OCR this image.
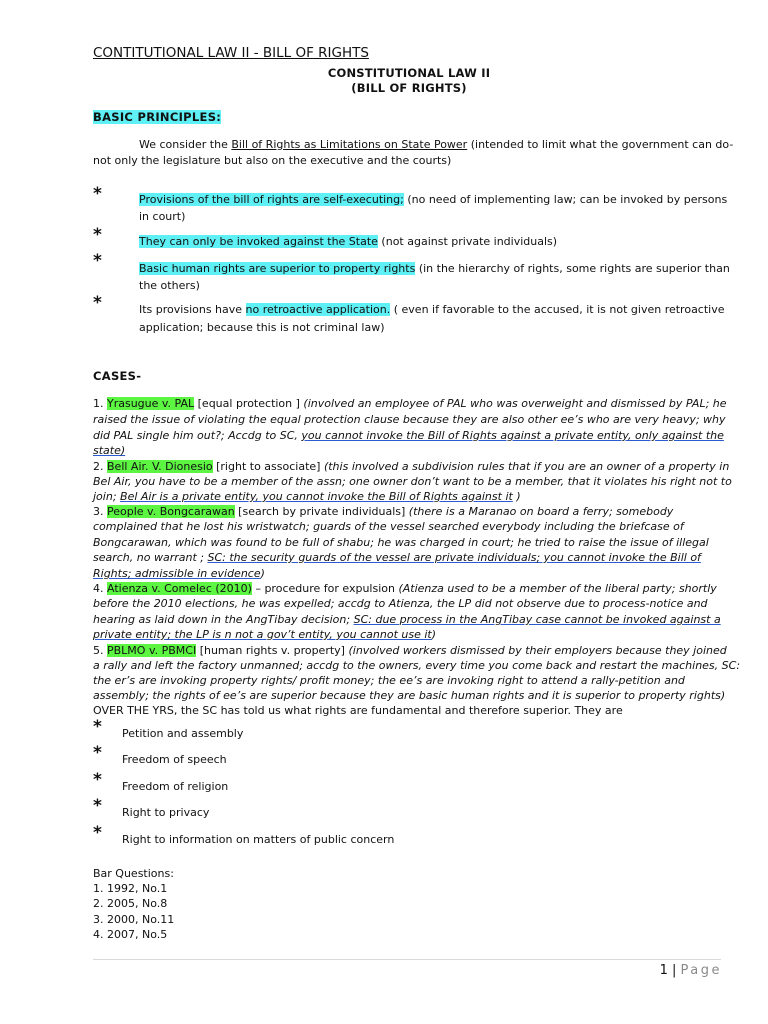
CONTITUTIONAL LAW II - BILL OF RIGHTS
CONSTITUTIONAL LAW II
(BILL OF RIGHTS)
BASIC PRINCIPLES:
We consider the Bill of Rights as Limitations on State Power (intended to limit what the government can do-
not only the legislature but also on the executive and the courts)
*	Provisions of the bill of rights are self-executing; (no need of implementing law; can be invoked by persons
in court)
*	They can only be invoked against the State (not against private individuals)
*	Basic human rights are superior to property rights (in the hierarchy of rights, some rights are superior than
the others)
*	Its provisions have no retroactive application. ( even if favorable to the accused, it is not given retroactive
application; because this is not criminal law)
CASES-
1. Yrasugue v. PAL [equal protection ] (involved an employee of PAL who was overweight and dismissed by PAL; he
raised the issue of violating the equal protection clause because they are also other ee’s who are very heavy; why
did PAL single him out?; Accdg to SC, you cannot invoke the Bill of Rights against a private entity, only against the
state)
2. Bell Air. V. Dionesio [right to associate] (this involved a subdivision rules that if you are an owner of a property in
Bel Air, you have to be a member of the assn; one owner don’t want to be a member, that it violates his right not to
join; Bel Air is a private entity, you cannot invoke the Bill of Rights against it )
3. People v. Bongcarawan [search by private individuals] (there is a Maranao on board a ferry; somebody
complained that he lost his wristwatch; guards of the vessel searched everybody including the briefcase of
Bongcarawan, which was found to be full of shabu; he was charged in court; he tried to raise the issue of illegal
search, no warrant ; SC: the security guards of the vessel are private individuals; you cannot invoke the Bill of
Rights; admissible in evidence)
4. Atienza v. Comelec (2010) – procedure for expulsion (Atienza used to be a member of the liberal party; shortly
before the 2010 elections, he was expelled; accdg to Atienza, the LP did not observe due to process-notice and
hearing as laid down in the AngTibay decision; SC: due process in the AngTibay case cannot be invoked against a
private entity; the LP is n not a gov’t entity, you cannot use it)
5. PBLMO v. PBMCI [human rights v. property] (involved workers dismissed by their employers because they joined
a rally and left the factory unmanned; accdg to the owners, every time you come back and restart the machines, SC:
the er’s are invoking property rights/ profit money; the ee’s are invoking right to attend a rally-petition and
assembly; the rights of ee’s are superior because they are basic human rights and it is superior to property rights)
OVER THE YRS, the SC has told us what rights are fundamental and therefore superior. They are
* Petition and assembly
* Freedom of speech
* Freedom of religion
* Right to privacy
* Right to information on matters of public concern
Bar Questions:
1. 1992, No.1
2. 2005, No.8
3. 2000, No.11
4. 2007, No.5
1 | Page
